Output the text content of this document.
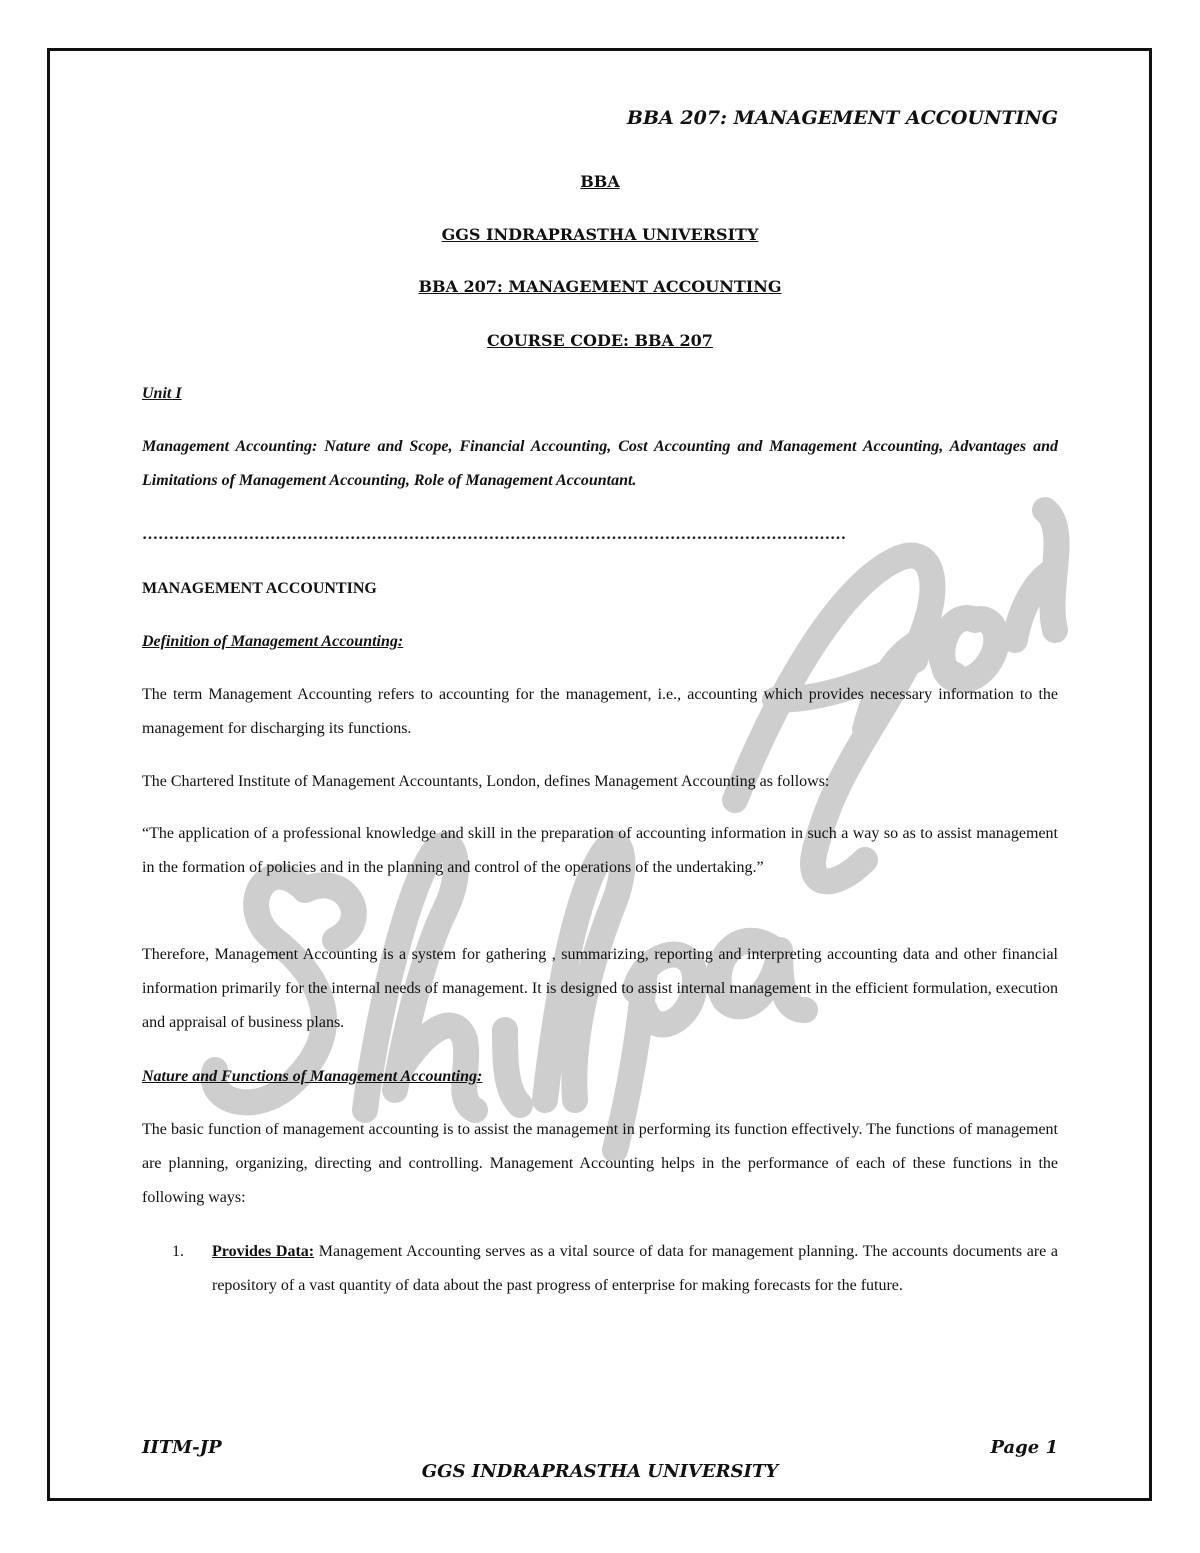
BBA 207: MANAGEMENT ACCOUNTING
BBA
GGS INDRAPRASTHA UNIVERSITY
BBA 207: MANAGEMENT ACCOUNTING
COURSE CODE: BBA 207
Unit I
Management Accounting: Nature and Scope, Financial Accounting, Cost Accounting and Management Accounting, Advantages and Limitations of Management Accounting, Role of Management Accountant.
……………………………………………………………………………………………………………………
MANAGEMENT ACCOUNTING
Definition of Management Accounting:
The term Management Accounting refers to accounting for the management, i.e., accounting which provides necessary information to the management for discharging its functions.
The Chartered Institute of Management Accountants, London, defines Management Accounting as follows:
“The application of a professional knowledge and skill in the preparation of accounting information in such a way so as to assist management in the formation of policies and in the planning and control of the operations of the undertaking.”
Therefore, Management Accounting is a system for gathering , summarizing, reporting and interpreting accounting data and other financial information primarily for the internal needs of management. It is designed to assist internal management in the efficient formulation, execution and appraisal of business plans.
Nature and Functions of Management Accounting:
The basic function of management accounting is to assist the management in performing its function effectively. The functions of management are planning, organizing, directing and controlling. Management Accounting helps in the performance of each of these functions in the following ways:
1. Provides Data: Management Accounting serves as a vital source of data for management planning. The accounts documents are a repository of a vast quantity of data about the past progress of enterprise for making forecasts for the future.
IITM-JP	Page 1
GGS INDRAPRASTHA UNIVERSITY
